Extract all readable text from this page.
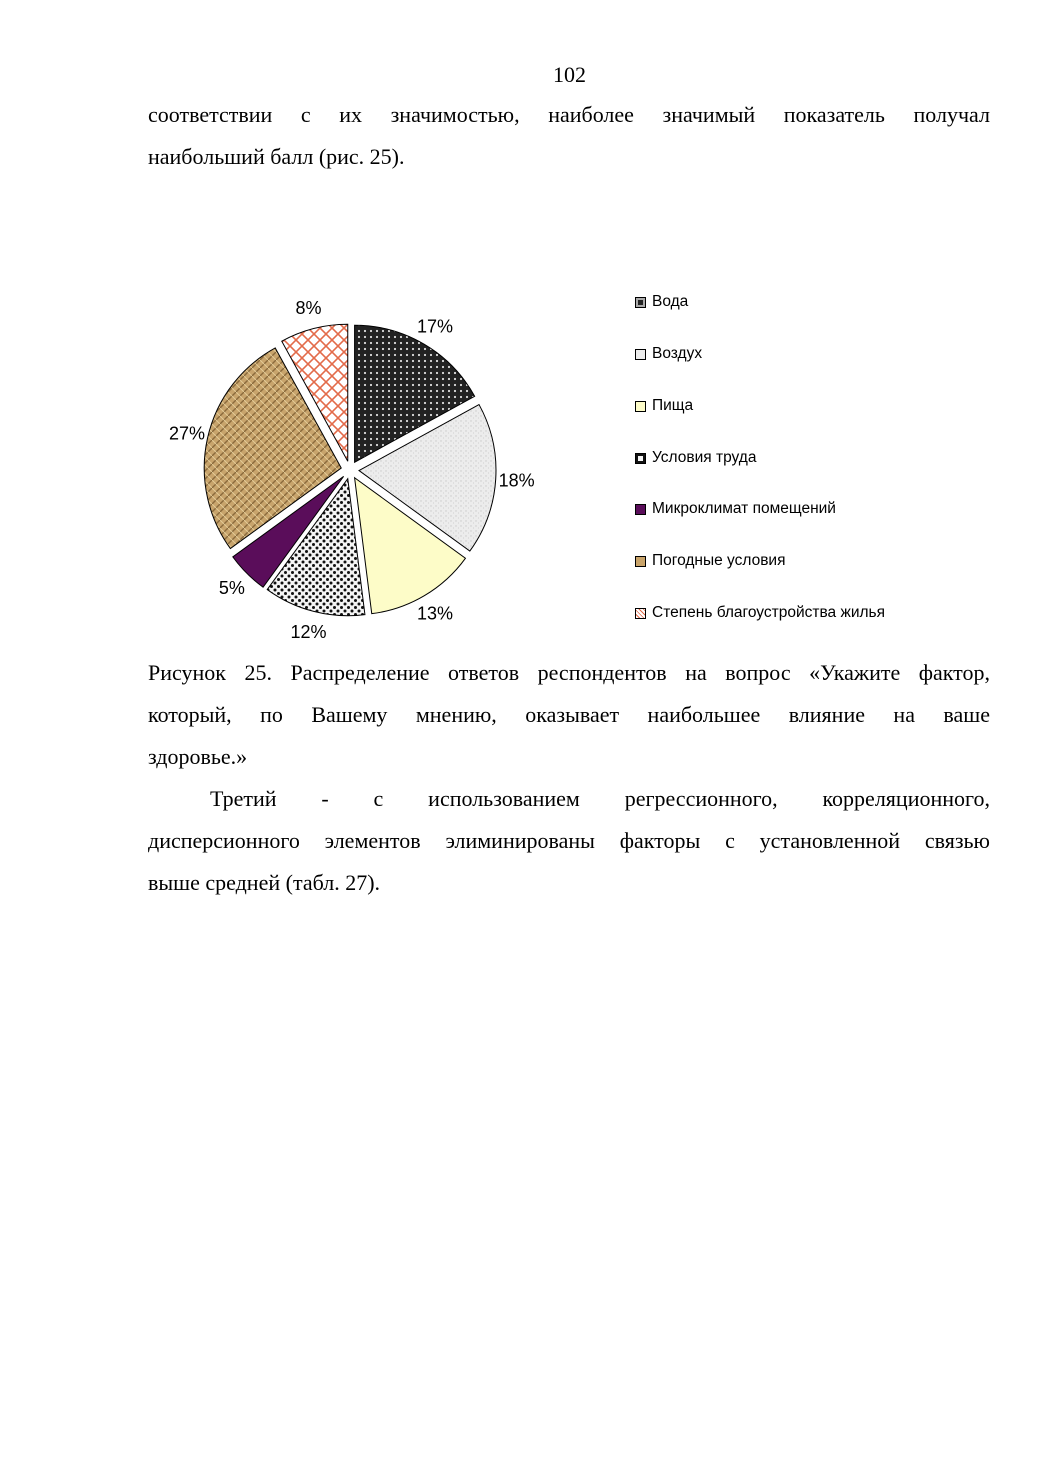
102

соответствии с их значимостью, наиболее значимый показатель получал

наибольший балл (рис. 25).

17%
18%
13%
12%
5%
27%
8%	Вода
Воздух
Пища
Условия труда
Микроклимат помещений
Погодные условия
Степень благоустройства жилья

Рисунок 25. Распределение ответов респондентов на вопрос «Укажите фактор,

который, по Вашему мнению, оказывает наибольшее влияние на ваше

здоровье.»

Третий - с использованием регрессионного, корреляционного,

дисперсионного элементов элиминированы факторы с установленной связью

выше средней (табл. 27).
